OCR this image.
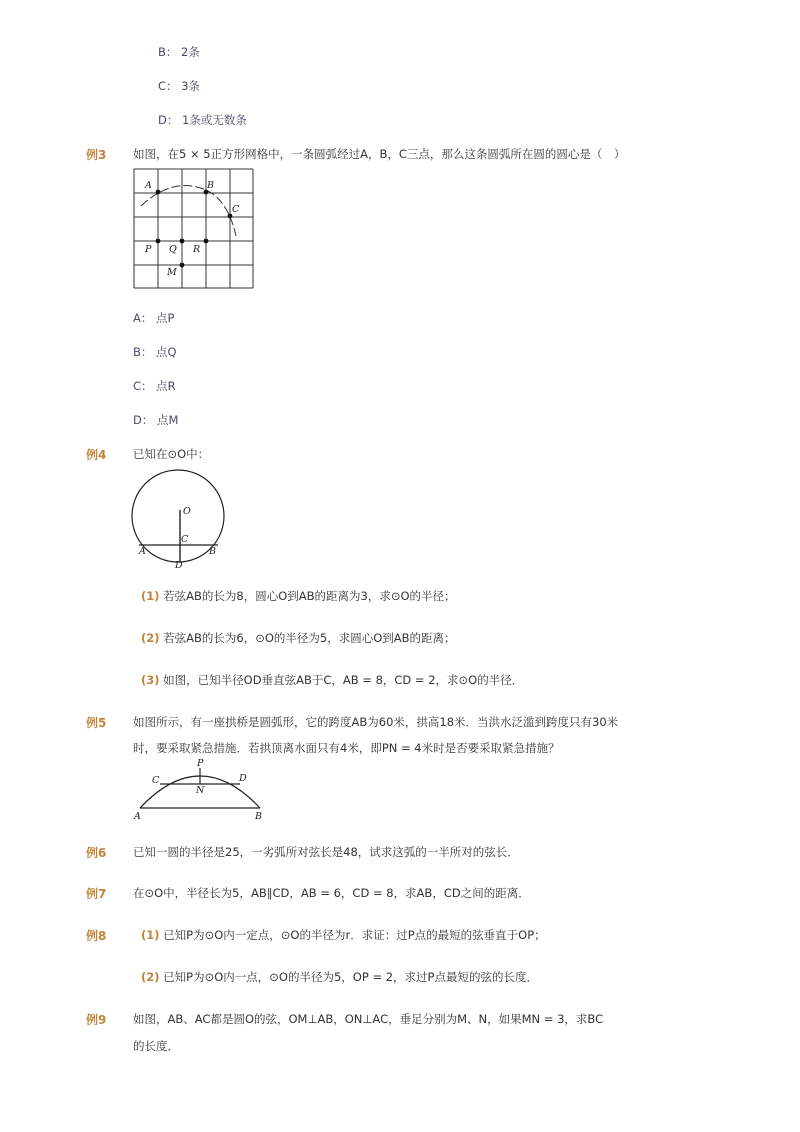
B： 2条
C： 3条
D： 1条或无数条
例3 如图，在5 × 5正方形网格中，一条圆弧经过A，B，C三点，那么这条圆弧所在圆的圆心是（　）
A	B
C
P Q R
M
A： 点P
B： 点Q
C： 点R
D： 点M
例4 已知在⊙O中：
O
C
A	B
D
(1) 若弦AB的长为8，圆心O到AB的距离为3，求⊙O的半径；
(2) 若弦AB的长为6，⊙O的半径为5，求圆心O到AB的距离；
(3) 如图，已知半径OD垂直弦AB于C，AB = 8，CD = 2，求⊙O的半径．
例5 如图所示，有一座拱桥是圆弧形，它的跨度AB为60米，拱高18米．当洪水泛滥到跨度只有30米
时，要采取紧急措施．若拱顶离水面只有4米，即PN = 4米时是否要采取紧急措施？
P
C	D
N
A	B
例6 已知一圆的半径是25，一劣弧所对弦长是48，试求这弧的一半所对的弦长．
例7 在⊙O中，半径长为5，AB∥CD，AB = 6，CD = 8，求AB，CD之间的距离．
例8	(1) 已知P为⊙O内一定点，⊙O的半径为r．求证：过P点的最短的弦垂直于OP；
(2) 已知P为⊙O内一点，⊙O的半径为5，OP = 2，求过P点最短的弦的长度．
例9 如图，AB、AC都是圆O的弦，OM⊥AB，ON⊥AC，垂足分别为M、N，如果MN = 3，求BC
的长度．
